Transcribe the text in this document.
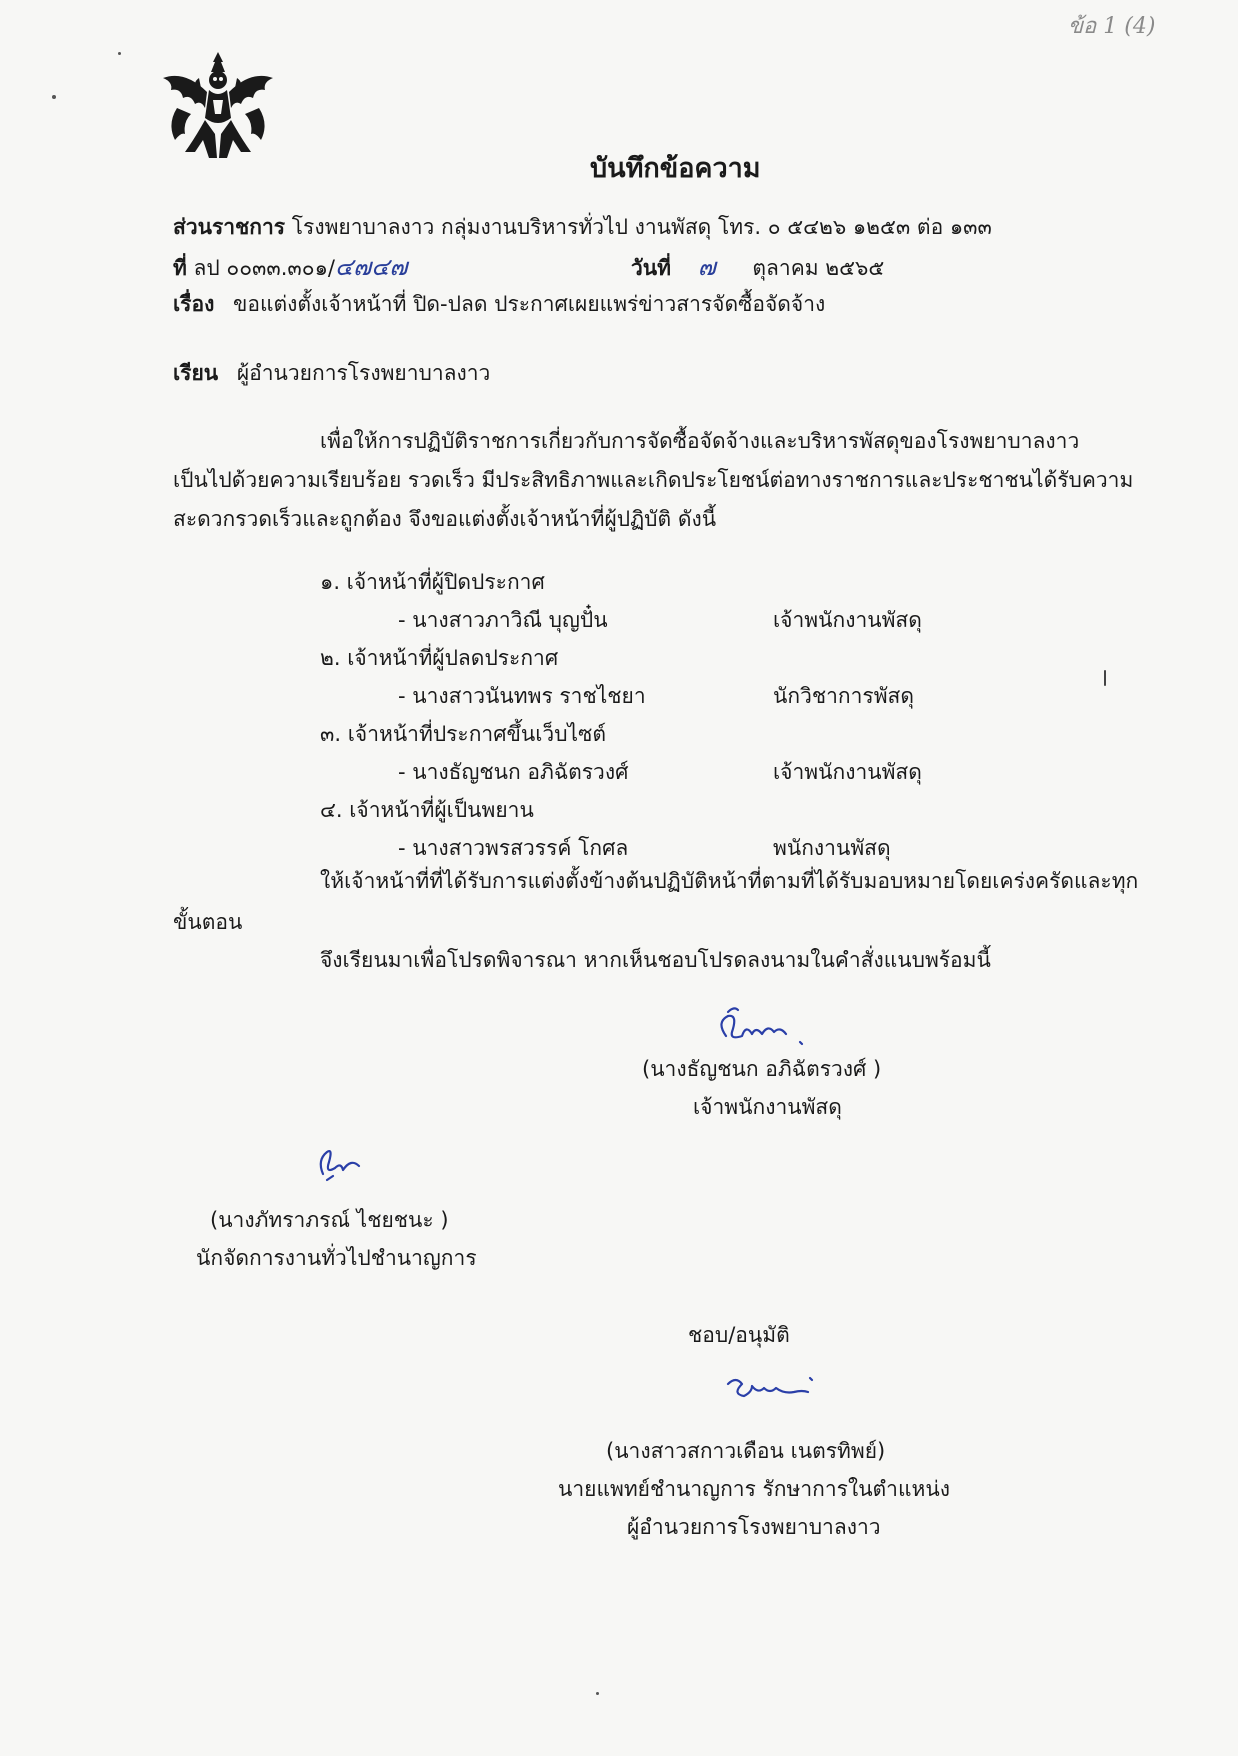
ข้อ 1 (4)
บันทึกข้อความ
ส่วนราชการ โรงพยาบาลงาว กลุ่มงานบริหารทั่วไป งานพัสดุ โทร. ๐ ๕๔๒๖ ๑๒๕๓ ต่อ ๑๓๓
ที่ ลป ๐๐๓๓.๓๐๑/๔๗๔๗	วันที่ ๗ ตุลาคม ๒๕๖๕
เรื่อง ขอแต่งตั้งเจ้าหน้าที่ ปิด-ปลด ประกาศเผยแพร่ข่าวสารจัดซื้อจัดจ้าง
เรียน ผู้อำนวยการโรงพยาบาลงาว
เพื่อให้การปฏิบัติราชการเกี่ยวกับการจัดซื้อจัดจ้างและบริหารพัสดุของโรงพยาบาลงาว
เป็นไปด้วยความเรียบร้อย รวดเร็ว มีประสิทธิภาพและเกิดประโยชน์ต่อทางราชการและประชาชนได้รับความ
สะดวกรวดเร็วและถูกต้อง จึงขอแต่งตั้งเจ้าหน้าที่ผู้ปฏิบัติ ดังนี้
๑. เจ้าหน้าที่ผู้ปิดประกาศ
- นางสาวภาวิณี บุญปั๋น	เจ้าพนักงานพัสดุ
๒. เจ้าหน้าที่ผู้ปลดประกาศ
- นางสาวนันทพร ราชไชยา	นักวิชาการพัสดุ
๓. เจ้าหน้าที่ประกาศขึ้นเว็บไซต์
- นางธัญชนก อภิฉัตรวงศ์	เจ้าพนักงานพัสดุ
๔. เจ้าหน้าที่ผู้เป็นพยาน
- นางสาวพรสวรรค์ โกศล	พนักงานพัสดุ
ให้เจ้าหน้าที่ที่ได้รับการแต่งตั้งข้างต้นปฏิบัติหน้าที่ตามที่ได้รับมอบหมายโดยเคร่งครัดและทุก
ขั้นตอน
จึงเรียนมาเพื่อโปรดพิจารณา หากเห็นชอบโปรดลงนามในคำสั่งแนบพร้อมนี้
(นางธัญชนก อภิฉัตรวงศ์ )
เจ้าพนักงานพัสดุ
(นางภัทราภรณ์ ไชยชนะ )
นักจัดการงานทั่วไปชำนาญการ
ชอบ/อนุมัติ
(นางสาวสกาวเดือน เนตรทิพย์)
นายแพทย์ชำนาญการ รักษาการในตำแหน่ง
ผู้อำนวยการโรงพยาบาลงาว
